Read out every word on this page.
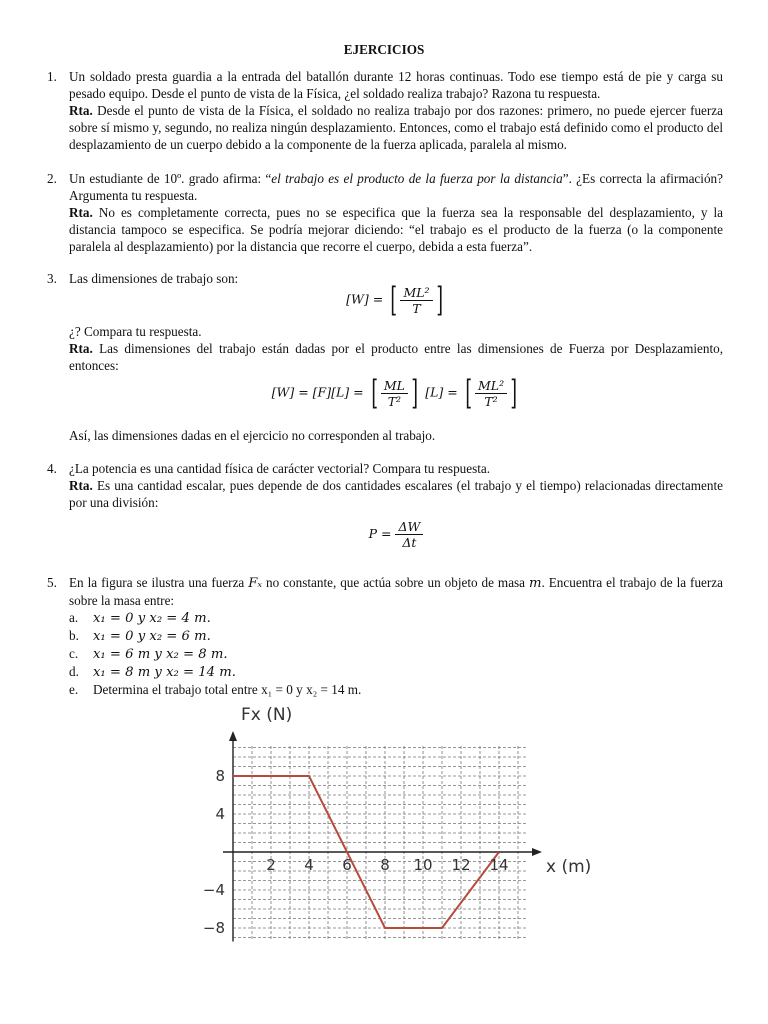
EJERCICIOS
1. Un soldado presta guardia a la entrada del batallón durante 12 horas continuas. Todo ese tiempo está de pie y carga su pesado equipo. Desde el punto de vista de la Física, ¿el soldado realiza trabajo? Razona tu respuesta.

Rta. Desde el punto de vista de la Física, el soldado no realiza trabajo por dos razones: primero, no puede ejercer fuerza sobre sí mismo y, segundo, no realiza ningún desplazamiento. Entonces, como el trabajo está definido como el producto del desplazamiento de un cuerpo debido a la componente de la fuerza aplicada, paralela al mismo.

2. Un estudiante de 10º. grado afirma: “el trabajo es el producto de la fuerza por la distancia”. ¿Es correcta la afirmación? Argumenta tu respuesta.

Rta. No es completamente correcta, pues no se especifica que la fuerza sea la responsable del desplazamiento, y la distancia tampoco se especifica. Se podría mejorar diciendo: “el trabajo es el producto de la fuerza (o la componente paralela al desplazamiento) por la distancia que recorre el cuerpo, debida a esta fuerza”.

3. Las dimensiones de trabajo son:

[W] = [ $\frac{\text{ML²}}{T}$ ]

¿? Compara tu respuesta.

Rta. Las dimensiones del trabajo están dadas por el producto entre las dimensiones de Fuerza por Desplazamiento, entonces:

[W] = [F][L] = [ $\frac{ML}{\text{T²}}$ ] [L] = [ $\frac{\text{ML²}}{\text{T²}}$ ]

Así, las dimensiones dadas en el ejercicio no corresponden al trabajo.

4. ¿La potencia es una cantidad física de carácter vectorial? Compara tu respuesta.

Rta. Es una cantidad escalar, pues depende de dos cantidades escalares (el trabajo y el tiempo) relacionadas directamente por una división:

$P = \frac{\Delta W}{\Delta t}$
5. En la figura se ilustra una fuerza Fₓ no constante, que actúa sobre un objeto de masa m. Encuentra el trabajo de la fuerza sobre la masa entre:

a. x₁ = 0 y x₂ = 4 m.
b. x₁ = 0 y x₂ = 6 m.
c. x₁ = 6 m y x₂ = 8 m.
d. x₁ = 8 m y x₂ = 14 m.
e. Determina el trabajo total entre x₁ = 0 y x₂ = 14 m.
2 4 6 8 10 12 14
8
4
−4
−8
Fx (N)
x (m)
